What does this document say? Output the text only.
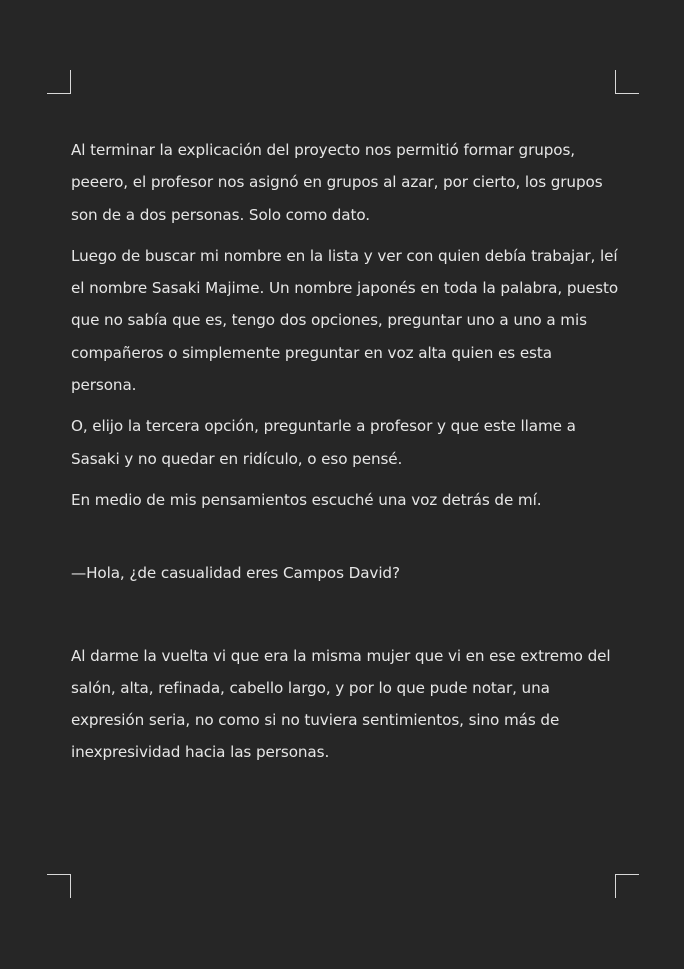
Al terminar la explicación del proyecto nos permitió formar grupos, peeero, el profesor nos asignó en grupos al azar, por cierto, los grupos son de a dos personas. Solo como dato.

Luego de buscar mi nombre en la lista y ver con quien debía trabajar, leí el nombre Sasaki Majime. Un nombre japonés en toda la palabra, puesto que no sabía que es, tengo dos opciones, preguntar uno a uno a mis compañeros o simplemente preguntar en voz alta quien es esta persona.

O, elijo la tercera opción, preguntarle a profesor y que este llame a Sasaki y no quedar en ridículo, o eso pensé.

En medio de mis pensamientos escuché una voz detrás de mí.

—Hola, ¿de casualidad eres Campos David?

Al darme la vuelta vi que era la misma mujer que vi en ese extremo del salón, alta, refinada, cabello largo, y por lo que pude notar, una expresión seria, no como si no tuviera sentimientos, sino más de inexpresividad hacia las personas.
